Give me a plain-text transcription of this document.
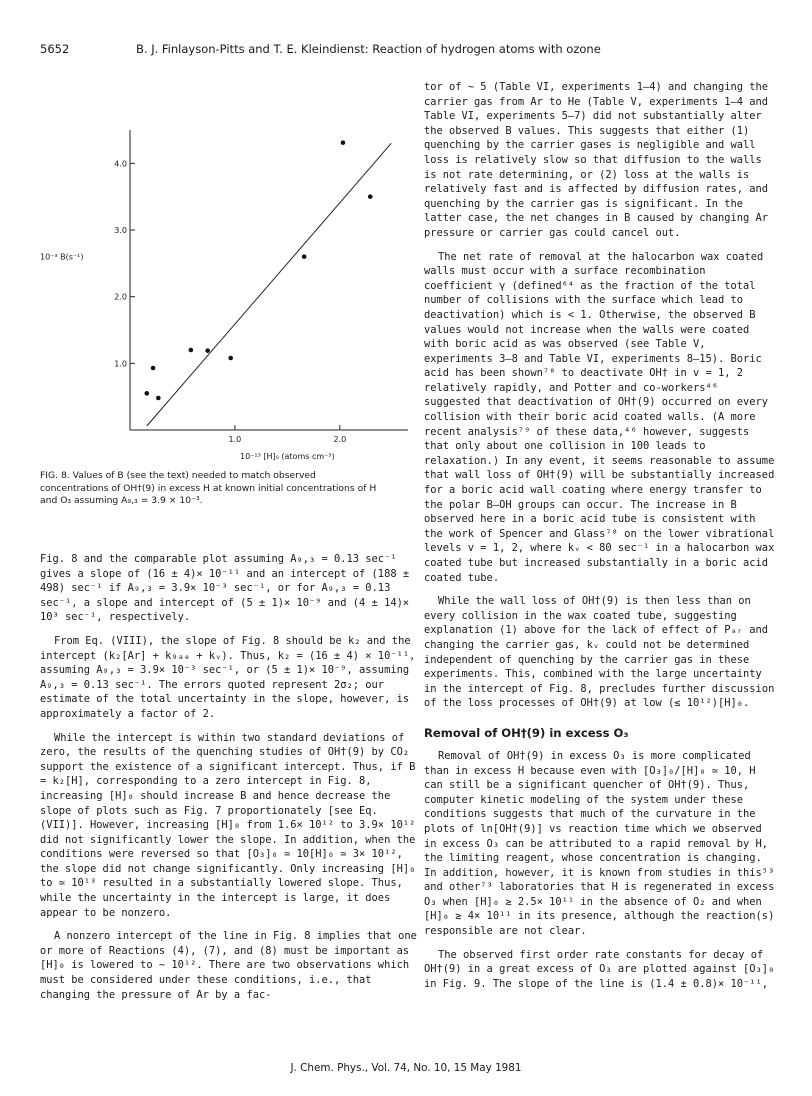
5652	B. J. Finlayson-Pitts and T. E. Kleindienst: Reaction of hydrogen atoms with ozone
1.0	2.0
1.0
2.0
3.0
4.0
10⁻¹³ [H]₀ (atoms cm⁻³)
10⁻³ B(s⁻¹)
FIG. 8. Values of B (see the text) needed to match observed concentrations of OH†(9) in excess H at known initial concentrations of H and O₃ assuming A₉,₃ = 3.9 × 10⁻³.

Fig. 8 and the comparable plot assuming A₉,₃ = 0.13 sec⁻¹ gives a slope of (16 ± 4)× 10⁻¹¹ and an intercept of (188 ± 498) sec⁻¹ if A₉,₃ = 3.9× 10⁻³ sec⁻¹, or for A₉,₃ = 0.13 sec⁻¹, a slope and intercept of (5 ± 1)× 10⁻⁹ and (4 ± 14)× 10³ sec⁻¹, respectively.

From Eq. (VIII), the slope of Fig. 8 should be k₂ and the intercept (k₂[Ar] + k₉ₐₑ + kᵥ). Thus, k₂ = (16 ± 4) × 10⁻¹¹, assuming A₉,₃ = 3.9× 10⁻³ sec⁻¹, or (5 ± 1)× 10⁻⁹, assuming A₉,₃ = 0.13 sec⁻¹. The errors quoted represent 2σ₂; our estimate of the total uncertainty in the slope, however, is approximately a factor of 2.

While the intercept is within two standard deviations of zero, the results of the quenching studies of OH†(9) by CO₂ support the existence of a significant intercept. Thus, if B = k₂[H], corresponding to a zero intercept in Fig. 8, increasing [H]₀ should increase B and hence decrease the slope of plots such as Fig. 7 proportionately [see Eq. (VII)]. However, increasing [H]₀ from 1.6× 10¹² to 3.9× 10¹² did not significantly lower the slope. In addition, when the conditions were reversed so that [O₃]₀ ≃ 10[H]₀ ≃ 3× 10¹², the slope did not change significantly. Only increasing [H]₀ to ≃ 10¹³ resulted in a substantially lowered slope. Thus, while the uncertainty in the intercept is large, it does appear to be nonzero.

A nonzero intercept of the line in Fig. 8 implies that one or more of Reactions (4), (7), and (8) must be important as [H]₀ is lowered to ~ 10¹². There are two observations which must be considered under these conditions, i.e., that changing the pressure of Ar by a fac-

tor of ~ 5 (Table VI, experiments 1–4) and changing the carrier gas from Ar to He (Table V, experiments 1–4 and Table VI, experiments 5–7) did not substantially alter the observed B values. This suggests that either (1) quenching by the carrier gases is negligible and wall loss is relatively slow so that diffusion to the walls is not rate determining, or (2) loss at the walls is relatively fast and is affected by diffusion rates, and quenching by the carrier gas is significant. In the latter case, the net changes in B caused by changing Ar pressure or carrier gas could cancel out.

The net rate of removal at the halocarbon wax coated walls must occur with a surface recombination coefficient γ (defined⁶⁴ as the fraction of the total number of collisions with the surface which lead to deactivation) which is < 1. Otherwise, the observed B values would not increase when the walls were coated with boric acid as was observed (see Table V, experiments 3–8 and Table VI, experiments 8–15). Boric acid has been shown⁷⁸ to deactivate OH† in v = 1, 2 relatively rapidly, and Potter and co-workers⁴⁶ suggested that deactivation of OH†(9) occurred on every collision with their boric acid coated walls. (A more recent analysis⁷⁹ of these data,⁴⁶ however, suggests that only about one collision in 100 leads to relaxation.) In any event, it seems reasonable to assume that wall loss of OH†(9) will be substantially increased for a boric acid wall coating where energy transfer to the polar B–OH groups can occur. The increase in B observed here in a boric acid tube is consistent with the work of Spencer and Glass⁷⁸ on the lower vibrational levels v = 1, 2, where kᵥ < 80 sec⁻¹ in a halocarbon wax coated tube but increased substantially in a boric acid coated tube.

While the wall loss of OH†(9) is then less than on every collision in the wax coated tube, suggesting explanation (1) above for the lack of effect of Pₐᵣ and changing the carrier gas, kᵥ could not be determined independent of quenching by the carrier gas in these experiments. This, combined with the large uncertainty in the intercept of Fig. 8, precludes further discussion of the loss processes of OH†(9) at low (≲ 10¹²)[H]₀.

Removal of OH†(9) in excess O₃

Removal of OH†(9) in excess O₃ is more complicated than in excess H because even with [O₃]₀/[H]₀ ≃ 10, H can still be a significant quencher of OH†(9). Thus, computer kinetic modeling of the system under these conditions suggests that much of the curvature in the plots of ln[OH†(9)] vs reaction time which we observed in excess O₃ can be attributed to a rapid removal by H, the limiting reagent, whose concentration is changing. In addition, however, it is known from studies in this⁵³ and other⁷³ laboratories that H is regenerated in excess O₃ when [H]₀ ≳ 2.5× 10¹¹ in the absence of O₂ and when [H]₀ ≳ 4× 10¹¹ in its presence, although the reaction(s) responsible are not clear.

The observed first order rate constants for decay of OH†(9) in a great excess of O₃ are plotted against [O₃]₀ in Fig. 9. The slope of the line is (1.4 ± 0.8)× 10⁻¹¹,

J. Chem. Phys., Vol. 74, No. 10, 15 May 1981
